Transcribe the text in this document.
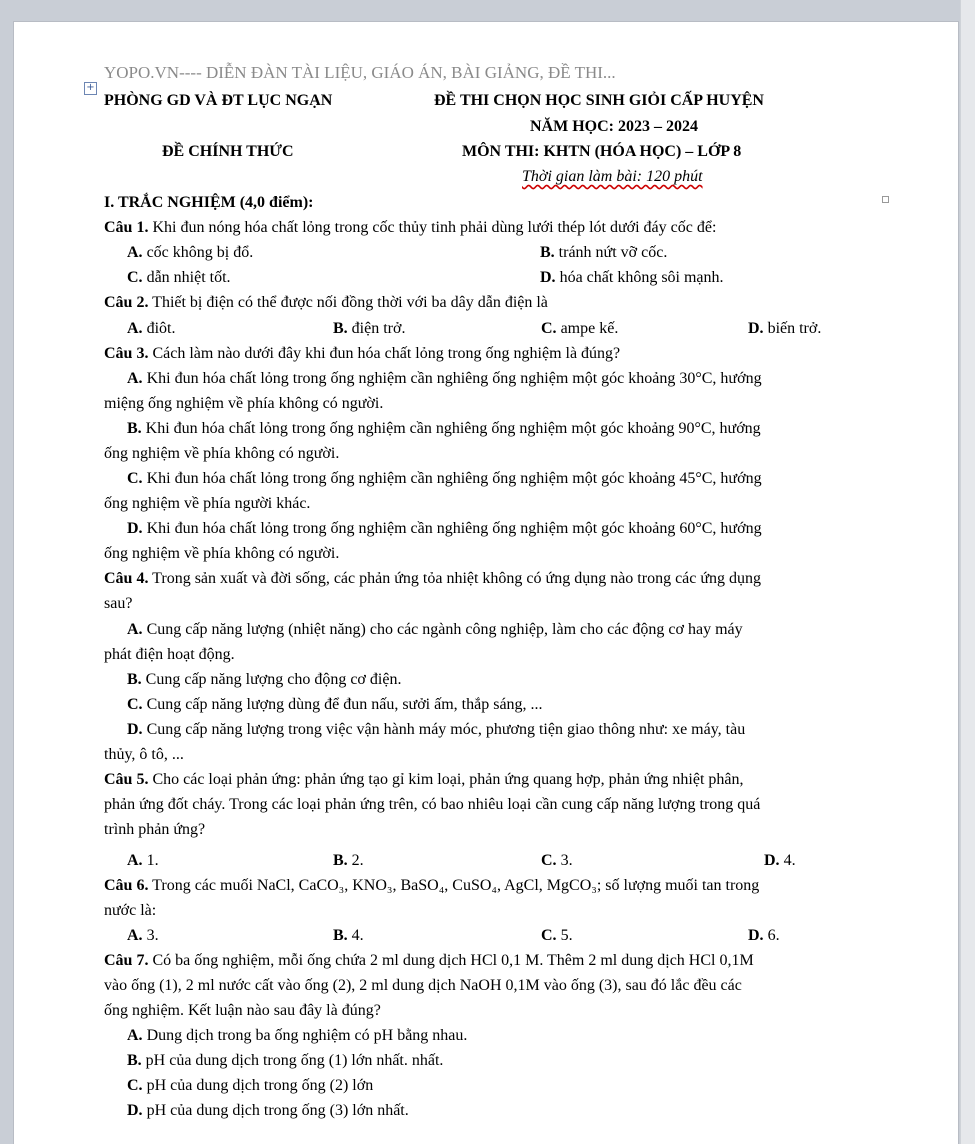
+
YOPO.VN---- DIỄN ĐÀN TÀI LIỆU, GIÁO ÁN, BÀI GIẢNG, ĐỀ THI...
PHÒNG GD VÀ ĐT LỤC NGẠN	ĐỀ THI CHỌN HỌC SINH GIỎI CẤP HUYỆN
NĂM HỌC: 2023 – 2024
ĐỀ CHÍNH THỨC	MÔN THI: KHTN (HÓA HỌC) – LỚP 8
Thời gian làm bài: 120 phút
I. TRẮC NGHIỆM (4,0 điểm):
Câu 1. Khi đun nóng hóa chất lỏng trong cốc thủy tinh phải dùng lưới thép lót dưới đáy cốc để:
A. cốc không bị đổ.	B. tránh nứt vỡ cốc.
C. dẫn nhiệt tốt.	D. hóa chất không sôi mạnh.
Câu 2. Thiết bị điện có thể được nối đồng thời với ba dây dẫn điện là
A. điôt.	B. điện trở.	C. ampe kế.	D. biến trở.
Câu 3. Cách làm nào dưới đây khi đun hóa chất lỏng trong ống nghiệm là đúng?
A. Khi đun hóa chất lỏng trong ống nghiệm cần nghiêng ống nghiệm một góc khoảng 30°C, hướng
miệng ống nghiệm về phía không có người.
B. Khi đun hóa chất lỏng trong ống nghiệm cần nghiêng ống nghiệm một góc khoảng 90°C, hướng
ống nghiệm về phía không có người.
C. Khi đun hóa chất lỏng trong ống nghiệm cần nghiêng ống nghiệm một góc khoảng 45°C, hướng
ống nghiệm về phía người khác.
D. Khi đun hóa chất lỏng trong ống nghiệm cần nghiêng ống nghiệm một góc khoảng 60°C, hướng
ống nghiệm về phía không có người.
Câu 4. Trong sản xuất và đời sống, các phản ứng tỏa nhiệt không có ứng dụng nào trong các ứng dụng
sau?
A. Cung cấp năng lượng (nhiệt năng) cho các ngành công nghiệp, làm cho các động cơ hay máy
phát điện hoạt động.
B. Cung cấp năng lượng cho động cơ điện.
C. Cung cấp năng lượng dùng để đun nấu, sưởi ấm, thắp sáng, ...
D. Cung cấp năng lượng trong việc vận hành máy móc, phương tiện giao thông như: xe máy, tàu
thủy, ô tô, ...
Câu 5. Cho các loại phản ứng: phản ứng tạo gỉ kim loại, phản ứng quang hợp, phản ứng nhiệt phân,
phản ứng đốt cháy. Trong các loại phản ứng trên, có bao nhiêu loại cần cung cấp năng lượng trong quá
trình phản ứng?
A. 1.	B. 2.	C. 3.	D. 4.
Câu 6. Trong các muối NaCl, CaCO₃, KNO₃, BaSO₄, CuSO₄, AgCl, MgCO₃; số lượng muối tan trong
nước là:
A. 3.	B. 4.	C. 5.	D. 6.
Câu 7. Có ba ống nghiệm, mỗi ống chứa 2 ml dung dịch HCl 0,1 M. Thêm 2 ml dung dịch HCl 0,1M
vào ống (1), 2 ml nước cất vào ống (2), 2 ml dung dịch NaOH 0,1M vào ống (3), sau đó lắc đều các
ống nghiệm. Kết luận nào sau đây là đúng?
A. Dung dịch trong ba ống nghiệm có pH bằng nhau.
B. pH của dung dịch trong ống (1) lớn nhất. nhất.
C. pH của dung dịch trong ống (2) lớn
D. pH của dung dịch trong ống (3) lớn nhất.
